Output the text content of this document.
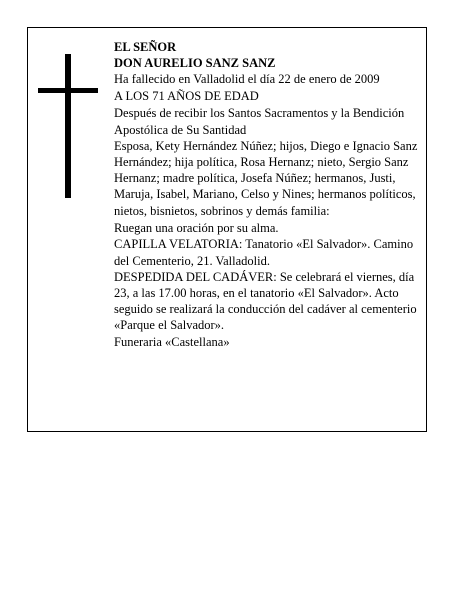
EL SEÑOR

DON AURELIO SANZ SANZ

Ha fallecido en Valladolid el día 22 de enero de 2009

A LOS 71 AÑOS DE EDAD

Después de recibir los Santos Sacramentos y la Bendición Apostólica de Su Santidad

Esposa, Kety Hernández Núñez; hijos, Diego e Ignacio Sanz Hernández; hija política, Rosa Hernanz; nieto, Sergio Sanz Hernanz; madre política, Josefa Núñez; hermanos, Justi, Maruja, Isabel, Mariano, Celso y Nines; hermanos políticos, nietos, bisnietos, sobrinos y demás familia:

Ruegan una oración por su alma.

CAPILLA VELATORIA: Tanatorio «El Salvador». Camino del Cementerio, 21. Valladolid.

DESPEDIDA DEL CADÁVER: Se celebrará el viernes, día 23, a las 17.00 horas, en el tanatorio «El Salvador». Acto seguido se realizará la conducción del cadáver al cementerio «Parque el Salvador».

Funeraria «Castellana»
